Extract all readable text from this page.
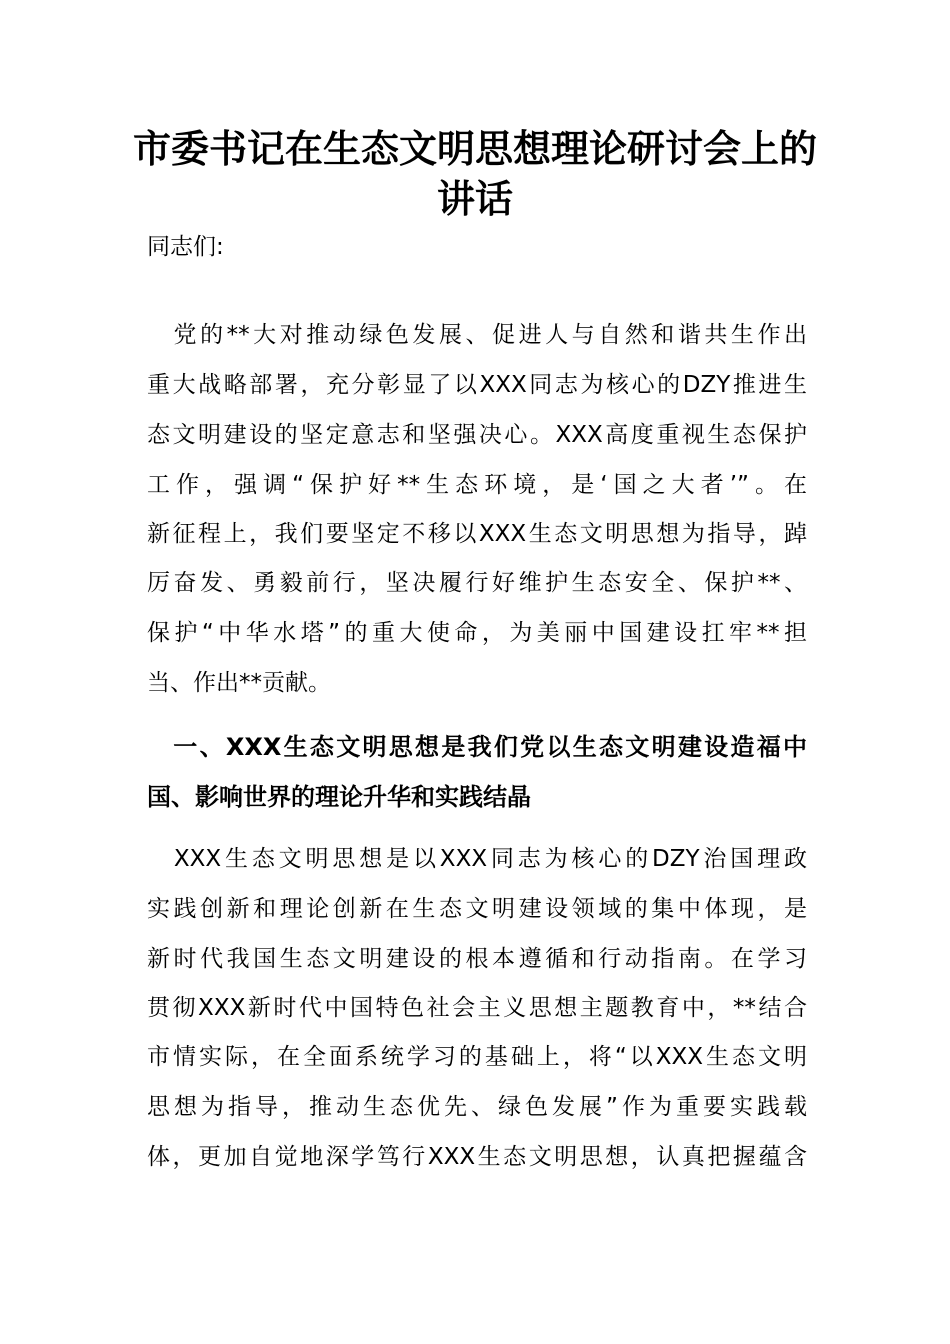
市委书记在生态文明思想理论研讨会上的
讲话

同志们:

　党的**大对推动绿色发展、促进人与自然和谐共生作出

重大战略部署，充分彰显了以XXX同志为核心的DZY推进生

态文明建设的坚定意志和坚强决心。XXX高度重视生态保护

工作，强调“保护好**生态环境，是‘国之大者’”。在

新征程上，我们要坚定不移以XXX生态文明思想为指导，踔

厉奋发、勇毅前行，坚决履行好维护生态安全、保护**、

保护“中华水塔”的重大使命，为美丽中国建设扛牢**担

当、作出**贡献。

　一、XXX生态文明思想是我们党以生态文明建设造福中

国、影响世界的理论升华和实践结晶

　XXX生态文明思想是以XXX同志为核心的DZY治国理政

实践创新和理论创新在生态文明建设领域的集中体现，是

新时代我国生态文明建设的根本遵循和行动指南。在学习

贯彻XXX新时代中国特色社会主义思想主题教育中，**结合

市情实际，在全面系统学习的基础上，将“以XXX生态文明

思想为指导，推动生态优先、绿色发展”作为重要实践载

体，更加自觉地深学笃行XXX生态文明思想，认真把握蕴含
